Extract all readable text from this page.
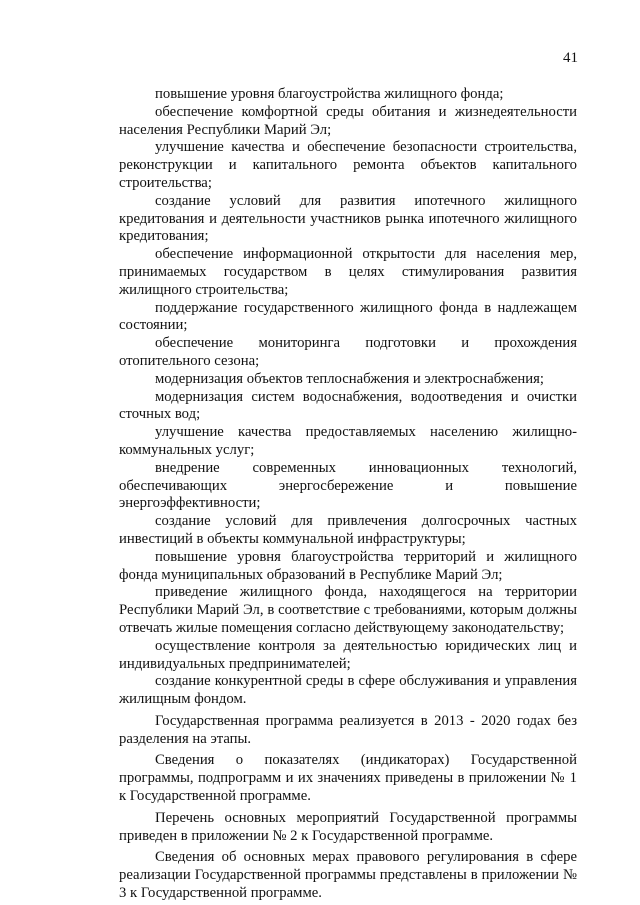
41

повышение уровня благоустройства жилищного фонда;

обеспечение комфортной среды обитания и жизнедеятельности населения Республики Марий Эл;

улучшение качества и обеспечение безопасности строительства, реконструкции и капитального ремонта объектов капитального строительства;

создание условий для развития ипотечного жилищного кредитования и деятельности участников рынка ипотечного жилищного кредитования;

обеспечение информационной открытости для населения мер, принимаемых государством в целях стимулирования развития жилищного строительства;

поддержание государственного жилищного фонда в надлежащем состоянии;

обеспечение мониторинга подготовки и прохождения отопительного сезона;

модернизация объектов теплоснабжения и электроснабжения;

модернизация систем водоснабжения, водоотведения и очистки сточных вод;

улучшение качества предоставляемых населению жилищно-коммунальных услуг;

внедрение современных инновационных технологий, обеспечивающих энергосбережение и повышение энергоэффективности;

создание условий для привлечения долгосрочных частных инвестиций в объекты коммунальной инфраструктуры;

повышение уровня благоустройства территорий и жилищного фонда муниципальных образований в Республике Марий Эл;

приведение жилищного фонда, находящегося на территории Республики Марий Эл, в соответствие с требованиями, которым должны отвечать жилые помещения согласно действующему законодательству;

осуществление контроля за деятельностью юридических лиц и индивидуальных предпринимателей;

создание конкурентной среды в сфере обслуживания и управления жилищным фондом.

Государственная программа реализуется в 2013 - 2020 годах без разделения на этапы.

Сведения о показателях (индикаторах) Государственной программы, подпрограмм и их значениях приведены в приложении № 1 к Государственной программе.

Перечень основных мероприятий Государственной программы приведен в приложении № 2 к Государственной программе.

Сведения об основных мерах правового регулирования в сфере реализации Государственной программы представлены в приложении № 3 к Государственной программе.
